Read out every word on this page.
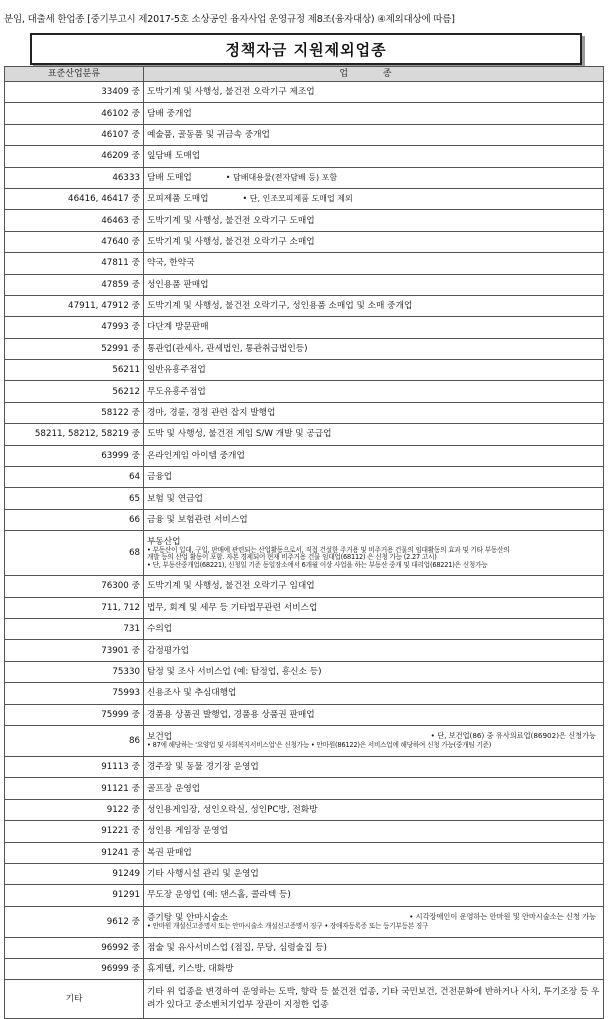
분임, 대출세 한업종 [중기부고시 제2017-5호 소상공인 융자사업 운영규정 제8조(융자대상) ④제외대상에 따름]
정책자금 지원제외업종
표준산업분류	업 종
33409 중	도박기계 및 사행성, 불건전 오락기구 제조업
46102 중	담배 중개업
46107 중	예술품, 골동품 및 귀금속 중개업
46209 중	잎담배 도매업
46333	담배 도매업 • 담배대용물(전자담배 등) 포함
46416, 46417 중	모피제품 도매업 • 단, 인조모피제품 도매업 제외
46463 중	도박기계 및 사행성, 불건전 오락기구 도매업
47640 중	도박기계 및 사행성, 불건전 오락기구 소매업
47811 중	약국, 한약국
47859 중	성인용품 판매업
47911, 47912 중	도박기계 및 사행성, 불건전 오락기구, 성인용품 소매업 및 소매 중개업
47993 중	다단계 방문판매
52991 중	통관업(관세사, 관세법인, 통관취급법인등)
56211	일반유흥주점업
56212	무도유흥주점업
58122 중	경마, 경륜, 경정 관련 잡지 발행업
58211, 58212, 58219 중	도박 및 사행성, 불건전 게임 S/W 개발 및 공급업
63999 중	온라인게임 아이템 중개업
64	금융업
65	보험 및 연금업
66	금융 및 보험관련 서비스업
68	부동산업
• 부동산이 입대, 구입, 판매에 관련되는 산업활동으로서, 직접 건설한 주거용 및 비주거용 건물의 임대활동의 효과 및 기타 부동산의
개발 등의 산업 활동이 포함. 자본 경제되어 현재 비주거용 건물 임대업(68112) 은 신청 가능 (2.27 고시)
• 단, 부동산중개업(68221), 신청일 기준 동일장소에서 6개월 이상 사업을 하는 부동산 중개 및 대리업(68221)은 신청가능

76300 중	도박기계 및 사행성, 불건전 오락기구 임대업
711, 712	법무, 회계 및 세무 등 기타법무관련 서비스업
731	수의업
73901 중	감정평가업
75330	탐정 및 조사 서비스업 (예: 탐정업, 흥신소 등)
75993	신용조사 및 추심대행업
75999 중	경품용 상품권 발행업, 경품용 상품권 판매업
86	보건업 • 단, 보건업(86) 중 유사의료업(86902)은 신청가능
• 87에 해당하는 '요양업 및 사회복지서비스업'은 신청가능 • 안마원(86122)은 서비스업에 해당하여 신청 가능(중개팀 기준)

91113 중	경주장 및 동물 경기장 운영업
91121 중	골프장 운영업
9122 중	성인용게임장, 성인오락실, 성인PC방, 전화방
91221 중	성인용 게임장 운영업
91241 중	복권 판매업
91249	기타 사행시설 관리 및 운영업
91291	무도장 운영업 (예: 댄스홀, 콜라텍 등)
9612 중	증기탕 및 안마시술소 • 시각장애인이 운영하는 안마원 및 안마시술소는 신청 가능
• 안마원 개설신고증명서 또는 안마시술소 개설신고증명서 징구 • 장애자등록증 또는 등기부등본 징구

96992 중	점술 및 유사서비스업 (점집, 무당, 심령술집 등)
96999 중	휴게텔, 키스방, 대화방
기타	기타 위 업종을 변경하여 운영하는 도박, 향락 등 불건전 업종, 기타 국민보건, 건전문화에 반하거나 사치, 투기조장 등 우려가 있다고 중소벤처기업부 장관이 지정한 업종
